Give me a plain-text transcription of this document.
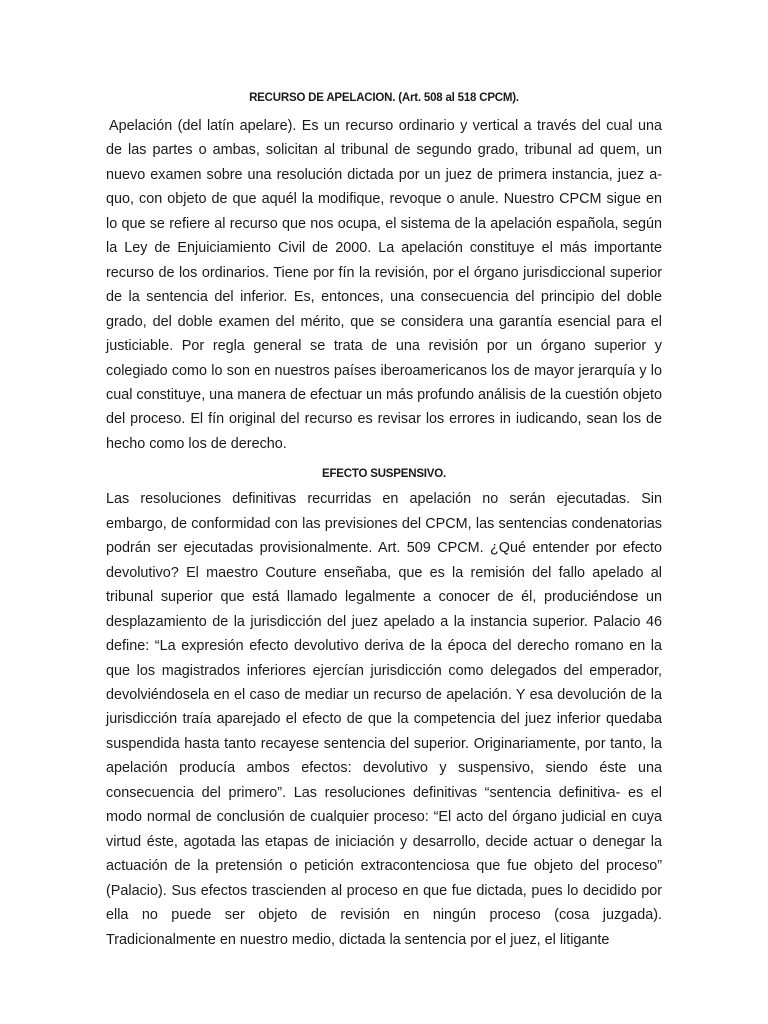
RECURSO DE APELACION. (Art. 508 al 518 CPCM).

Apelación (del latín apelare). Es un recurso ordinario y vertical a través del cual una de las partes o ambas, solicitan al tribunal de segundo grado, tribunal ad quem, un nuevo examen sobre una resolución dictada por un juez de primera instancia, juez a-quo, con objeto de que aquél la modifique, revoque o anule. Nuestro CPCM sigue en lo que se refiere al recurso que nos ocupa, el sistema de la apelación española, según la Ley de Enjuiciamiento Civil de 2000. La apelación constituye el más importante recurso de los ordinarios. Tiene por fín la revisión, por el órgano jurisdiccional superior de la sentencia del inferior. Es, entonces, una consecuencia del principio del doble grado, del doble examen del mérito, que se considera una garantía esencial para el justiciable. Por regla general se trata de una revisión por un órgano superior y colegiado como lo son en nuestros países iberoamericanos los de mayor jerarquía y lo cual constituye, una manera de efectuar un más profundo análisis de la cuestión objeto del proceso. El fín original del recurso es revisar los errores in iudicando, sean los de hecho como los de derecho.

EFECTO SUSPENSIVO.

Las resoluciones definitivas recurridas en apelación no serán ejecutadas. Sin embargo, de conformidad con las previsiones del CPCM, las sentencias condenatorias podrán ser ejecutadas provisionalmente. Art. 509 CPCM. ¿Qué entender por efecto devolutivo? El maestro Couture enseñaba, que es la remisión del fallo apelado al tribunal superior que está llamado legalmente a conocer de él, produciéndose un desplazamiento de la jurisdicción del juez apelado a la instancia superior. Palacio 46 define: “La expresión efecto devolutivo deriva de la época del derecho romano en la que los magistrados inferiores ejercían jurisdicción como delegados del emperador, devolviéndosela en el caso de mediar un recurso de apelación. Y esa devolución de la jurisdicción traía aparejado el efecto de que la competencia del juez inferior quedaba suspendida hasta tanto recayese sentencia del superior. Originariamente, por tanto, la apelación producía ambos efectos: devolutivo y suspensivo, siendo éste una consecuencia del primero”. Las resoluciones definitivas “sentencia definitiva- es el modo normal de conclusión de cualquier proceso: “El acto del órgano judicial en cuya virtud éste, agotada las etapas de iniciación y desarrollo, decide actuar o denegar la actuación de la pretensión o petición extracontenciosa que fue objeto del proceso” (Palacio). Sus efectos trascienden al proceso en que fue dictada, pues lo decidido por ella no puede ser objeto de revisión en ningún proceso (cosa juzgada). Tradicionalmente en nuestro medio, dictada la sentencia por el juez, el litigante
